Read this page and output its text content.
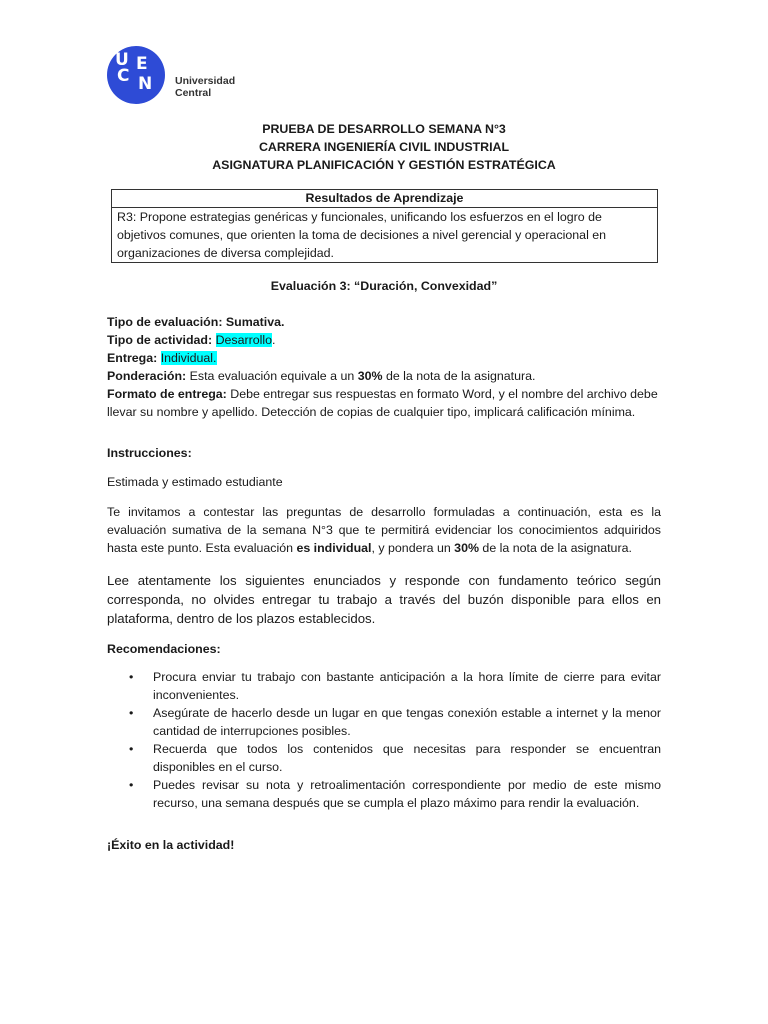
U
C
E
N Universidad
Central
PRUEBA DE DESARROLLO SEMANA N°3
CARRERA INGENIERÍA CIVIL INDUSTRIAL
ASIGNATURA PLANIFICACIÓN Y GESTIÓN ESTRATÉGICA
Resultados de Aprendizaje
R3: Propone estrategias genéricas y funcionales, unificando los esfuerzos en el logro de objetivos comunes, que orienten la toma de decisiones a nivel gerencial y operacional en organizaciones de diversa complejidad.
Evaluación 3: “Duración, Convexidad”

Tipo de evaluación: Sumativa.

Tipo de actividad: Desarrollo.

Entrega: Individual.

Ponderación: Esta evaluación equivale a un 30% de la nota de la asignatura.

Formato de entrega: Debe entregar sus respuestas en formato Word, y el nombre del archivo debe llevar su nombre y apellido. Detección de copias de cualquier tipo, implicará calificación mínima.

Instrucciones:
Estimada y estimado estudiante
Te invitamos a contestar las preguntas de desarrollo formuladas a continuación, esta es la evaluación sumativa de la semana N°3 que te permitirá evidenciar los conocimientos adquiridos hasta este punto. Esta evaluación es individual, y pondera un 30% de la nota de la asignatura.
Lee atentamente los siguientes enunciados y responde con fundamento teórico según corresponda, no olvides entregar tu trabajo a través del buzón disponible para ellos en plataforma, dentro de los plazos establecidos.
Recomendaciones:
• Procura enviar tu trabajo con bastante anticipación a la hora límite de cierre para evitar inconvenientes.
• Asegúrate de hacerlo desde un lugar en que tengas conexión estable a internet y la menor cantidad de interrupciones posibles.
• Recuerda que todos los contenidos que necesitas para responder se encuentran disponibles en el curso.
• Puedes revisar su nota y retroalimentación correspondiente por medio de este mismo recurso, una semana después que se cumpla el plazo máximo para rendir la evaluación.
¡Éxito en la actividad!
